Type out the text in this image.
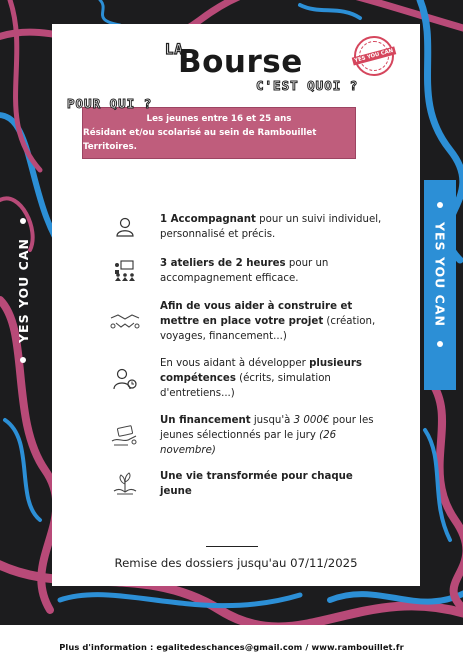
YES YOU CAN	YES YOU CAN
LA
Bourse
C'EST QUOI ?
YES YOU CAN
Les jeunes entre 16 et 25 ans
Résidant et/ou scolarisé au sein de Rambouillet Territoires.
POUR QUI ?
1 Accompagnant pour un suivi individuel, personnalisé et précis.
3 ateliers de 2 heures pour un accompagnement efficace.
Afin de vous aider à construire et mettre en place votre projet (création, voyages, financement...)
En vous aidant à développer plusieurs compétences (écrits, simulation d'entretiens...)
Un financement jusqu'à 3 000€ pour les jeunes sélectionnés par le jury (26 novembre)
Une vie transformée pour chaque jeune
Remise des dossiers jusqu'au 07/11/2025
Plus d'information : egalitedeschances@gmail.com / www.rambouillet.fr
